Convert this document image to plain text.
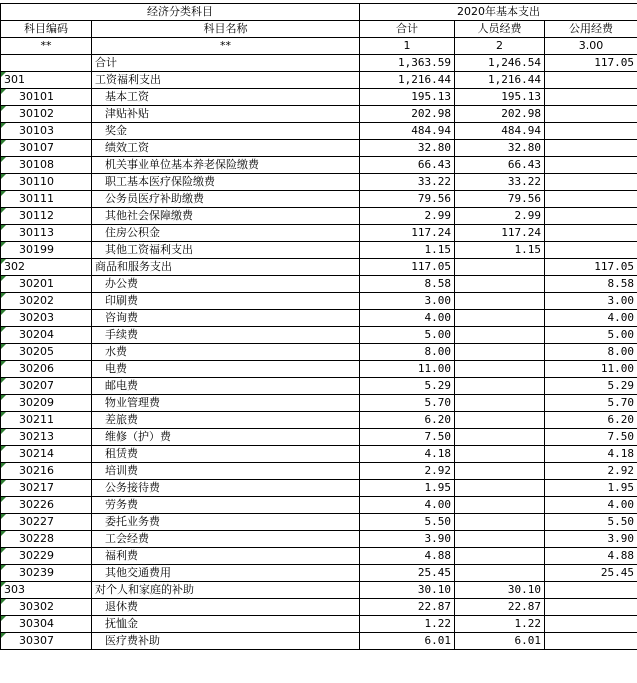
经济分类科目		2020年基本支出		
科目编码	科目名称	合计	人员经费	公用经费
**	**	1	2	3.00
	合计	1,363.59	1,246.54	117.05
301	工资福利支出	1,216.44	1,216.44	
30101	基本工资	195.13	195.13	
30102	津贴补贴	202.98	202.98	
30103	奖金	484.94	484.94	
30107	绩效工资	32.80	32.80	
30108	机关事业单位基本养老保险缴费	66.43	66.43	
30110	职工基本医疗保险缴费	33.22	33.22	
30111	公务员医疗补助缴费	79.56	79.56	
30112	其他社会保障缴费	2.99	2.99	
30113	住房公积金	117.24	117.24	
30199	其他工资福利支出	1.15	1.15	
302	商品和服务支出	117.05		117.05
30201	办公费	8.58		8.58
30202	印刷费	3.00		3.00
30203	咨询费	4.00		4.00
30204	手续费	5.00		5.00
30205	水费	8.00		8.00
30206	电费	11.00		11.00
30207	邮电费	5.29		5.29
30209	物业管理费	5.70		5.70
30211	差旅费	6.20		6.20
30213	维修（护）费	7.50		7.50
30214	租赁费	4.18		4.18
30216	培训费	2.92		2.92
30217	公务接待费	1.95		1.95
30226	劳务费	4.00		4.00
30227	委托业务费	5.50		5.50
30228	工会经费	3.90		3.90
30229	福利费	4.88		4.88
30239	其他交通费用	25.45		25.45
303	对个人和家庭的补助	30.10	30.10	
30302	退休费	22.87	22.87	
30304	抚恤金	1.22	1.22	
30307	医疗费补助	6.01	6.01	
